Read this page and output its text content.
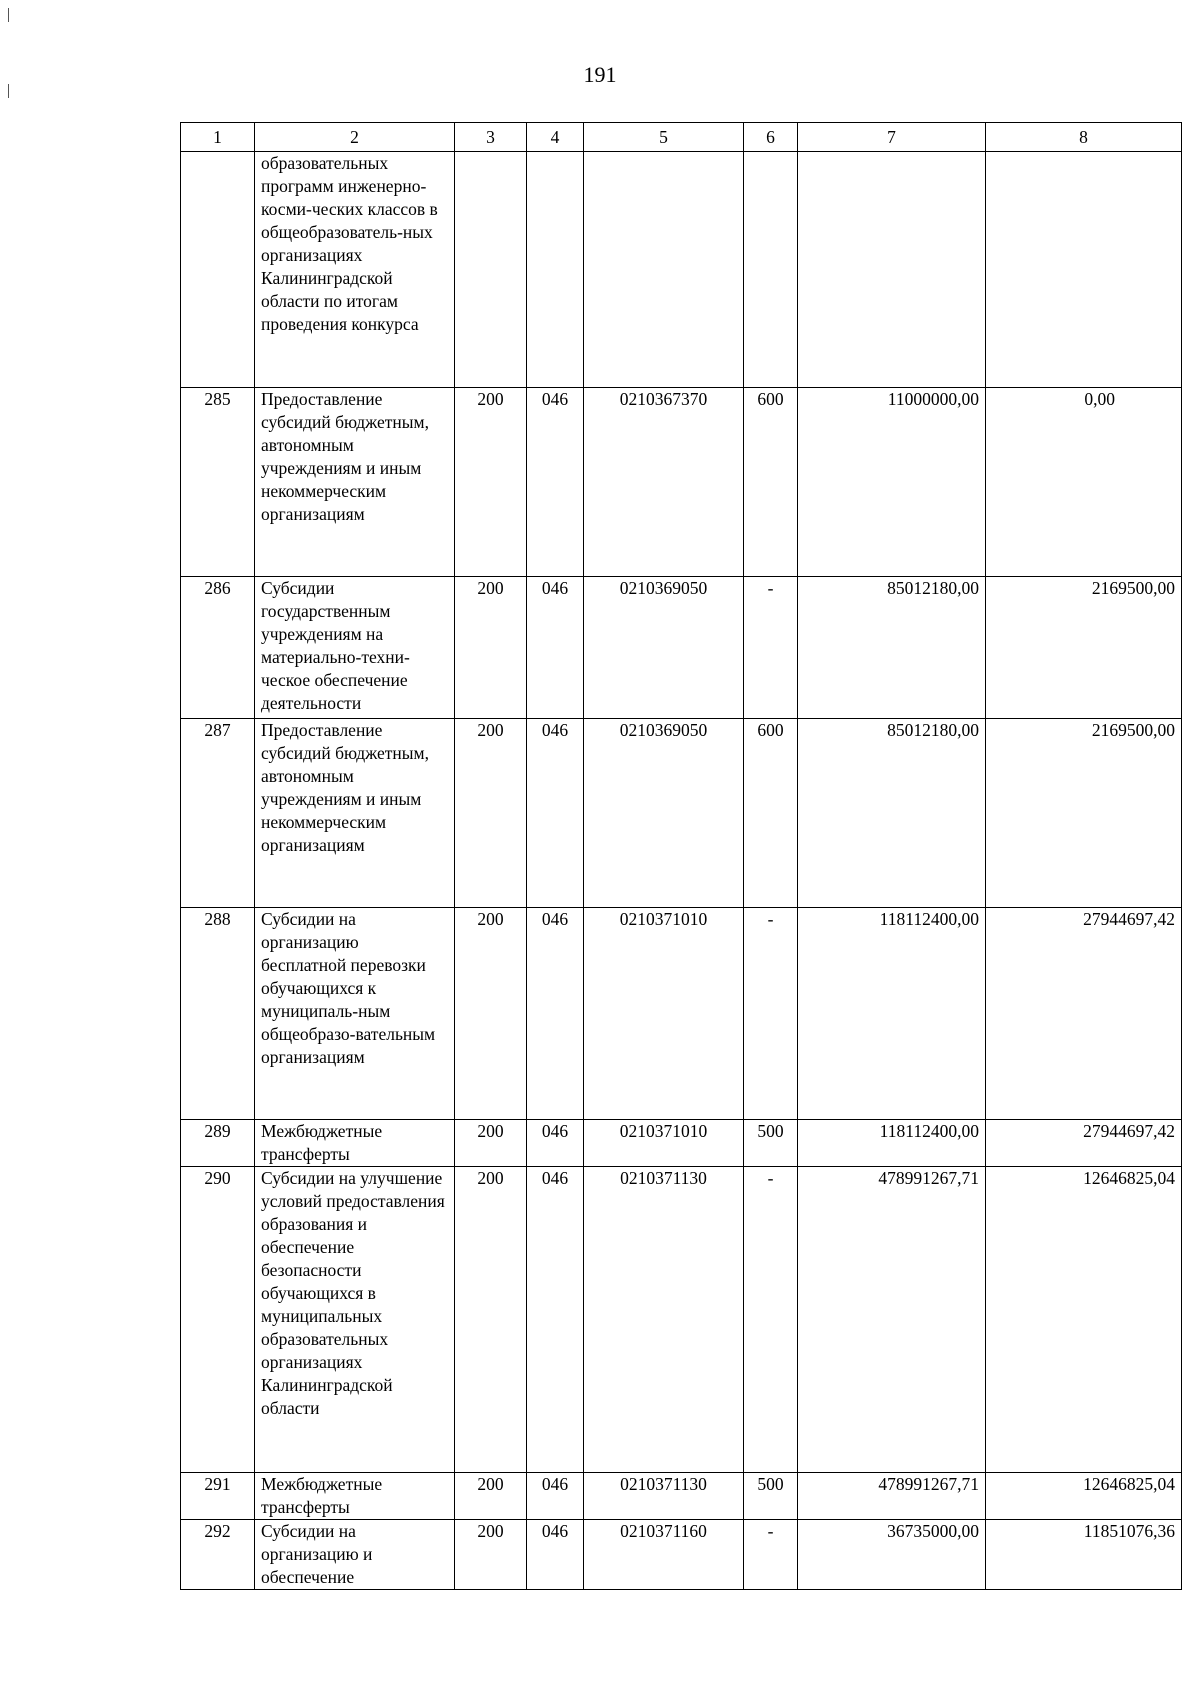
191
1	2	3	4	5	6	7	8
	образовательных программ инженерно-косми-ческих классов в общеобразователь-ных организациях Калининградской области по итогам проведения конкурса						
285	Предоставление субсидий бюджетным, автономным учреждениям и иным некоммерческим организациям	200	046	0210367370	600	11000000,00	0,00
286	Субсидии государственным учреждениям на материально-техни-ческое обеспечение деятельности	200	046	0210369050	-	85012180,00	2169500,00
287	Предоставление субсидий бюджетным, автономным учреждениям и иным некоммерческим организациям	200	046	0210369050	600	85012180,00	2169500,00
288	Субсидии на организацию бесплатной перевозки обучающихся к муниципаль-ным общеобразо-вательным организациям	200	046	0210371010	-	118112400,00	27944697,42
289	Межбюджетные трансферты	200	046	0210371010	500	118112400,00	27944697,42
290	Субсидии на улучшение условий предоставления образования и обеспечение безопасности обучающихся в муниципальных образовательных организациях Калининградской области	200	046	0210371130	-	478991267,71	12646825,04
291	Межбюджетные трансферты	200	046	0210371130	500	478991267,71	12646825,04
292	Субсидии на организацию и обеспечение	200	046	0210371160	-	36735000,00	11851076,36
